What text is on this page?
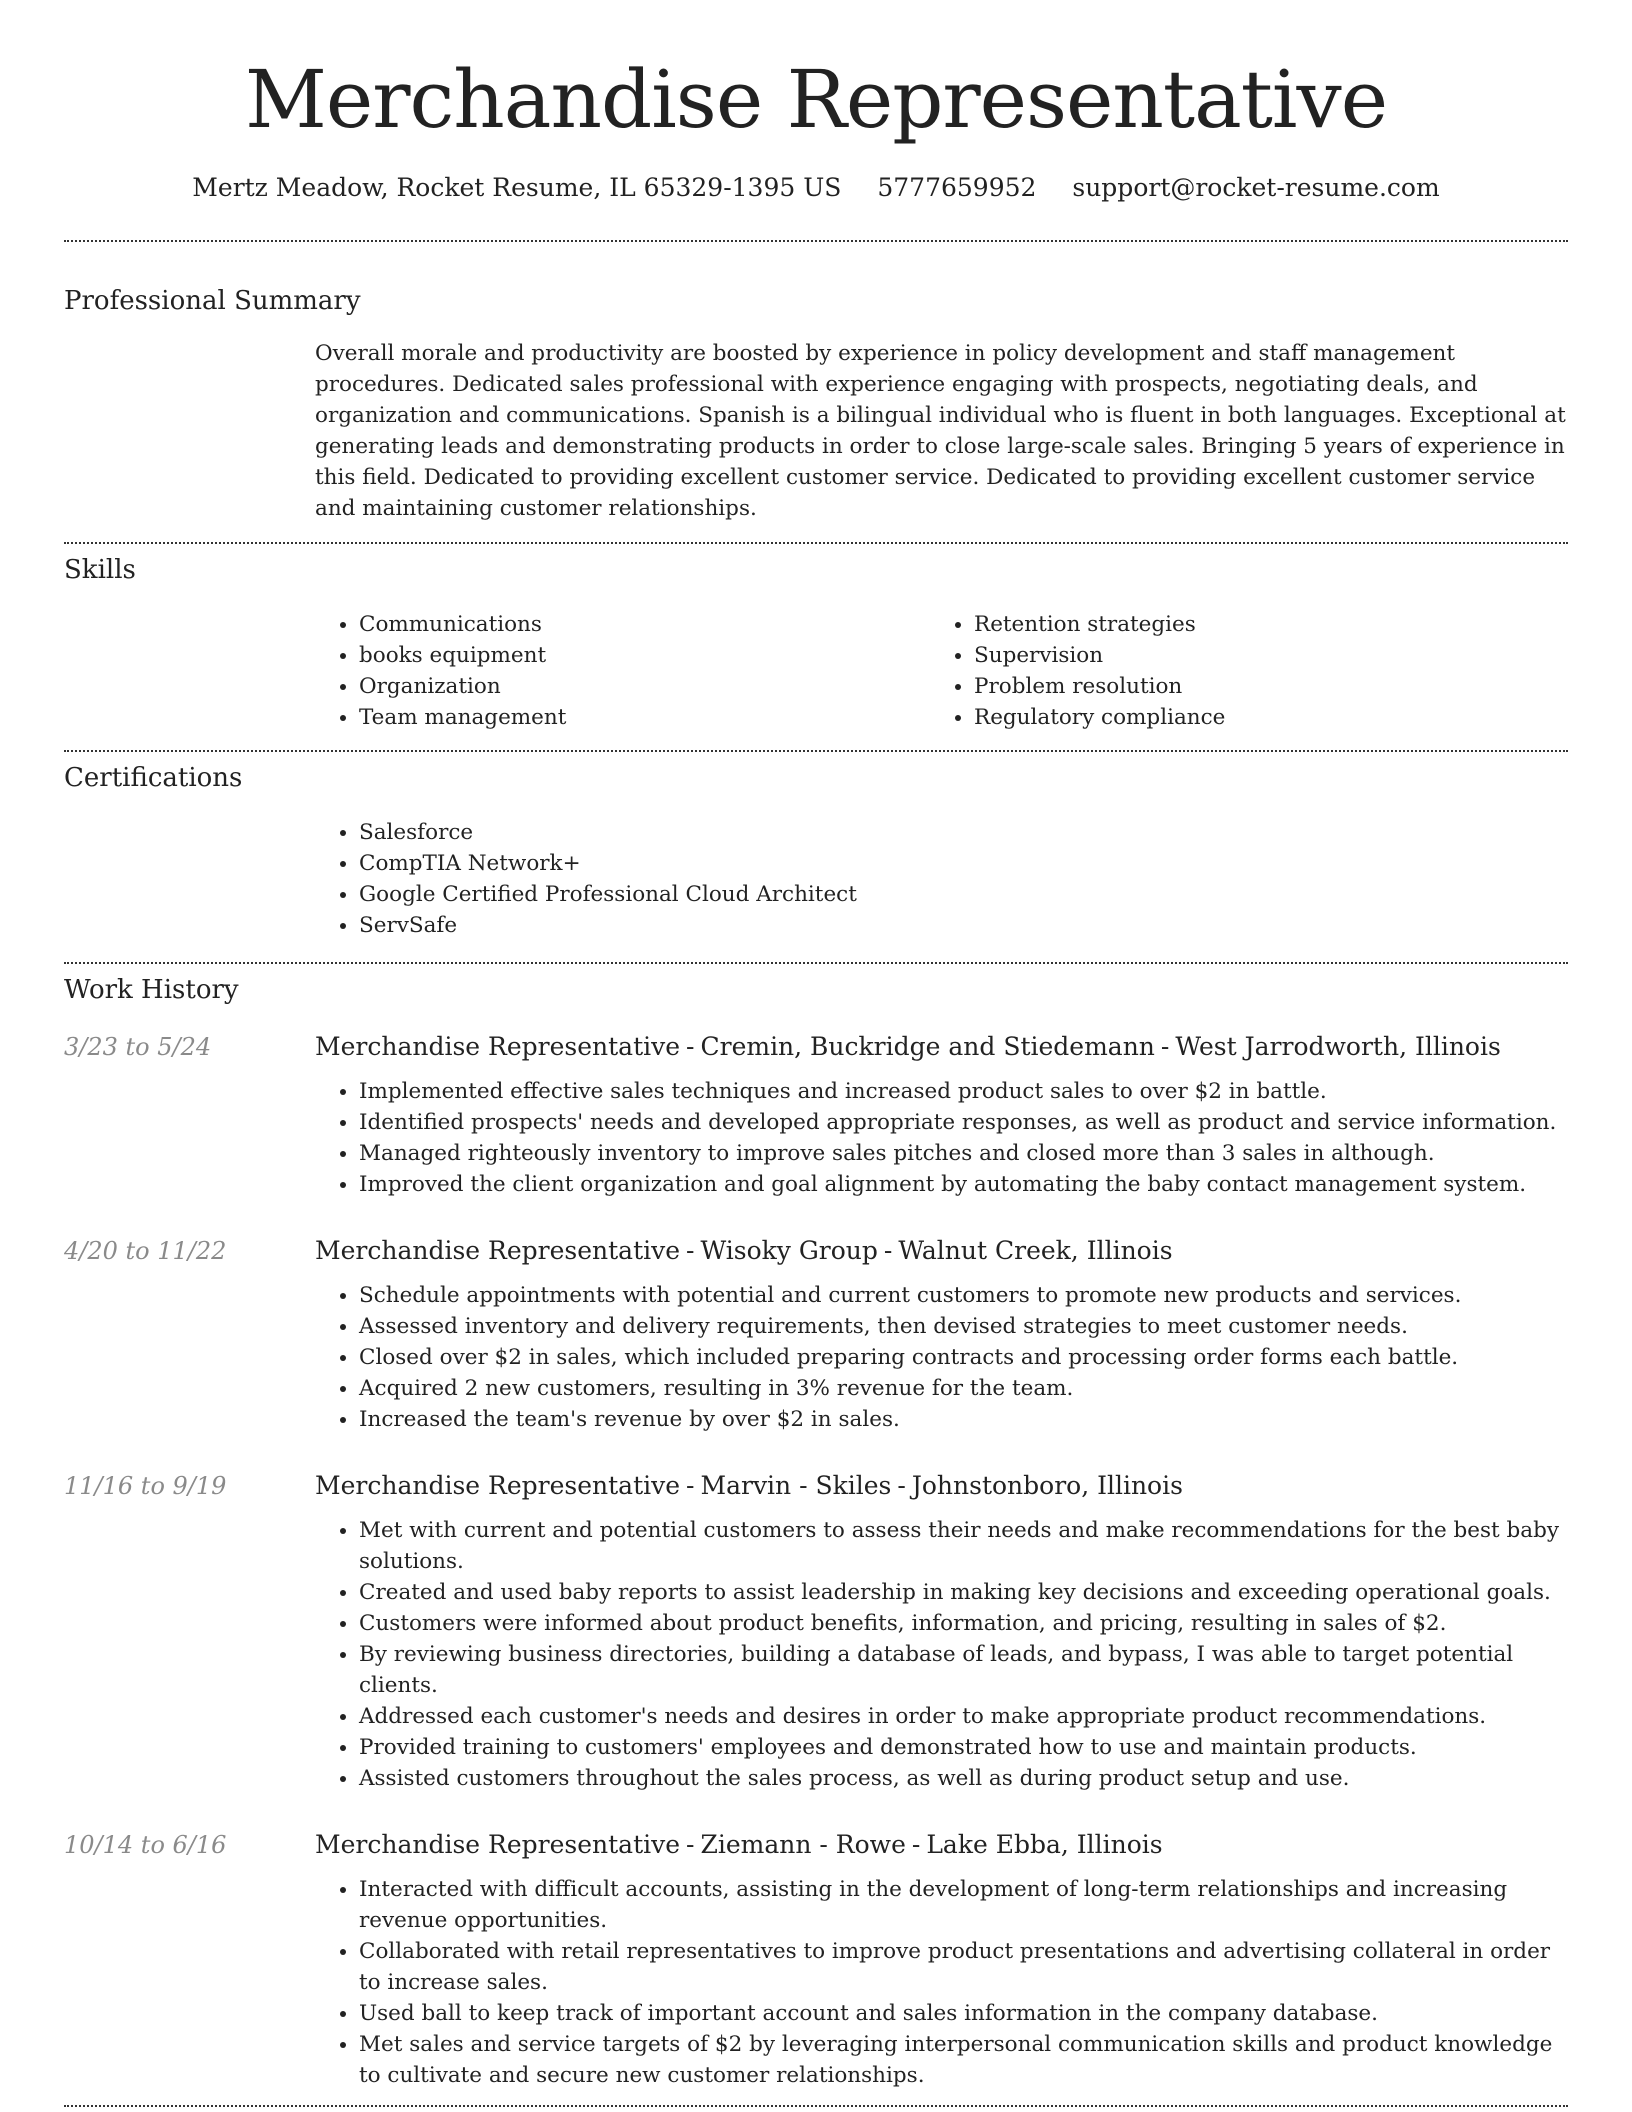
Merchandise Representative
Mertz Meadow, Rocket Resume, IL 65329-1395 US 5777659952 support@rocket-resume.com
Professional Summary
Overall morale and productivity are boosted by experience in policy development and staff management procedures. Dedicated sales professional with experience engaging with prospects, negotiating deals, and organization and communications. Spanish is a bilingual individual who is fluent in both languages. Exceptional at generating leads and demonstrating products in order to close large-scale sales. Bringing 5 years of experience in this field. Dedicated to providing excellent customer service. Dedicated to providing excellent customer service and maintaining customer relationships.
Skills
• Communications
• books equipment
• Organization
• Team management
• Retention strategies
• Supervision
• Problem resolution
• Regulatory compliance
Certifications
• Salesforce
• CompTIA Network+
• Google Certified Professional Cloud Architect
• ServSafe
Work History
3/23 to 5/24	Merchandise Representative - Cremin, Buckridge and Stiedemann - West Jarrodworth, Illinois
• Implemented effective sales techniques and increased product sales to over $2 in battle.
• Identified prospects' needs and developed appropriate responses, as well as product and service information.
• Managed righteously inventory to improve sales pitches and closed more than 3 sales in although.
• Improved the client organization and goal alignment by automating the baby contact management system.
4/20 to 11/22	Merchandise Representative - Wisoky Group - Walnut Creek, Illinois
• Schedule appointments with potential and current customers to promote new products and services.
• Assessed inventory and delivery requirements, then devised strategies to meet customer needs.
• Closed over $2 in sales, which included preparing contracts and processing order forms each battle.
• Acquired 2 new customers, resulting in 3% revenue for the team.
• Increased the team's revenue by over $2 in sales.
11/16 to 9/19	Merchandise Representative - Marvin - Skiles - Johnstonboro, Illinois
• Met with current and potential customers to assess their needs and make recommendations for the best baby solutions.
• Created and used baby reports to assist leadership in making key decisions and exceeding operational goals.
• Customers were informed about product benefits, information, and pricing, resulting in sales of $2.
• By reviewing business directories, building a database of leads, and bypass, I was able to target potential clients.
• Addressed each customer's needs and desires in order to make appropriate product recommendations.
• Provided training to customers' employees and demonstrated how to use and maintain products.
• Assisted customers throughout the sales process, as well as during product setup and use.
10/14 to 6/16	Merchandise Representative - Ziemann - Rowe - Lake Ebba, Illinois
• Interacted with difficult accounts, assisting in the development of long-term relationships and increasing revenue opportunities.
• Collaborated with retail representatives to improve product presentations and advertising collateral in order to increase sales.
• Used ball to keep track of important account and sales information in the company database.
• Met sales and service targets of $2 by leveraging interpersonal communication skills and product knowledge to cultivate and secure new customer relationships.
